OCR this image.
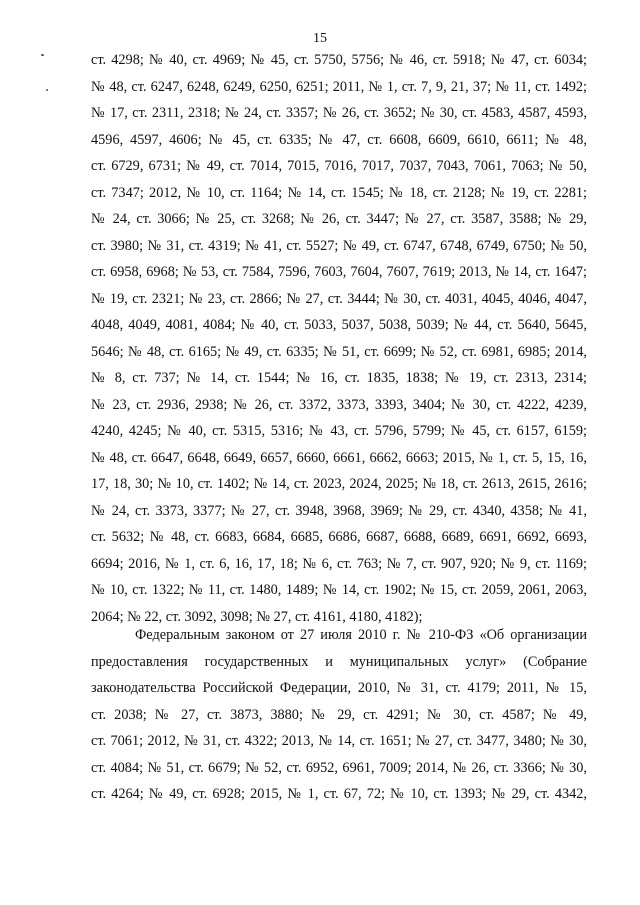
15
ст. 4298; № 40, ст. 4969; № 45, ст. 5750, 5756; № 46, ст. 5918; № 47, ст. 6034;
№ 48, ст. 6247, 6248, 6249, 6250, 6251; 2011, № 1, ст. 7, 9, 21, 37; № 11, ст. 1492;
№ 17, ст. 2311, 2318; № 24, ст. 3357; № 26, ст. 3652; № 30, ст. 4583, 4587, 4593,
4596, 4597, 4606; № 45, ст. 6335; № 47, ст. 6608, 6609, 6610, 6611; № 48,
ст. 6729, 6731; № 49, ст. 7014, 7015, 7016, 7017, 7037, 7043, 7061, 7063; № 50,
ст. 7347; 2012, № 10, ст. 1164; № 14, ст. 1545; № 18, ст. 2128; № 19, ст. 2281;
№ 24, ст. 3066; № 25, ст. 3268; № 26, ст. 3447; № 27, ст. 3587, 3588; № 29,
ст. 3980; № 31, ст. 4319; № 41, ст. 5527; № 49, ст. 6747, 6748, 6749, 6750; № 50,
ст. 6958, 6968; № 53, ст. 7584, 7596, 7603, 7604, 7607, 7619; 2013, № 14, ст. 1647;
№ 19, ст. 2321; № 23, ст. 2866; № 27, ст. 3444; № 30, ст. 4031, 4045, 4046, 4047,
4048, 4049, 4081, 4084; № 40, ст. 5033, 5037, 5038, 5039; № 44, ст. 5640, 5645,
5646; № 48, ст. 6165; № 49, ст. 6335; № 51, ст. 6699; № 52, ст. 6981, 6985; 2014,
№ 8, ст. 737; № 14, ст. 1544; № 16, ст. 1835, 1838; № 19, ст. 2313, 2314;
№ 23, ст. 2936, 2938; № 26, ст. 3372, 3373, 3393, 3404; № 30, ст. 4222, 4239,
4240, 4245; № 40, ст. 5315, 5316; № 43, ст. 5796, 5799; № 45, ст. 6157, 6159;
№ 48, ст. 6647, 6648, 6649, 6657, 6660, 6661, 6662, 6663; 2015, № 1, ст. 5, 15, 16,
17, 18, 30; № 10, ст. 1402; № 14, ст. 2023, 2024, 2025; № 18, ст. 2613, 2615, 2616;
№ 24, ст. 3373, 3377; № 27, ст. 3948, 3968, 3969; № 29, ст. 4340, 4358; № 41,
ст. 5632; № 48, ст. 6683, 6684, 6685, 6686, 6687, 6688, 6689, 6691, 6692, 6693,
6694; 2016, № 1, ст. 6, 16, 17, 18; № 6, ст. 763; № 7, ст. 907, 920; № 9, ст. 1169;
№ 10, ст. 1322; № 11, ст. 1480, 1489; № 14, ст. 1902; № 15, ст. 2059, 2061, 2063,
2064; № 22, ст. 3092, 3098; № 27, ст. 4161, 4180, 4182);
Федеральным законом от 27 июля 2010 г. № 210-ФЗ «Об организации
предоставления государственных и муниципальных услуг» (Собрание
законодательства Российской Федерации, 2010, № 31, ст. 4179; 2011, № 15,
ст. 2038; № 27, ст. 3873, 3880; № 29, ст. 4291; № 30, ст. 4587; № 49,
ст. 7061; 2012, № 31, ст. 4322; 2013, № 14, ст. 1651; № 27, ст. 3477, 3480; № 30,
ст. 4084; № 51, ст. 6679; № 52, ст. 6952, 6961, 7009; 2014, № 26, ст. 3366; № 30,
ст. 4264; № 49, ст. 6928; 2015, № 1, ст. 67, 72; № 10, ст. 1393; № 29, ст. 4342,
